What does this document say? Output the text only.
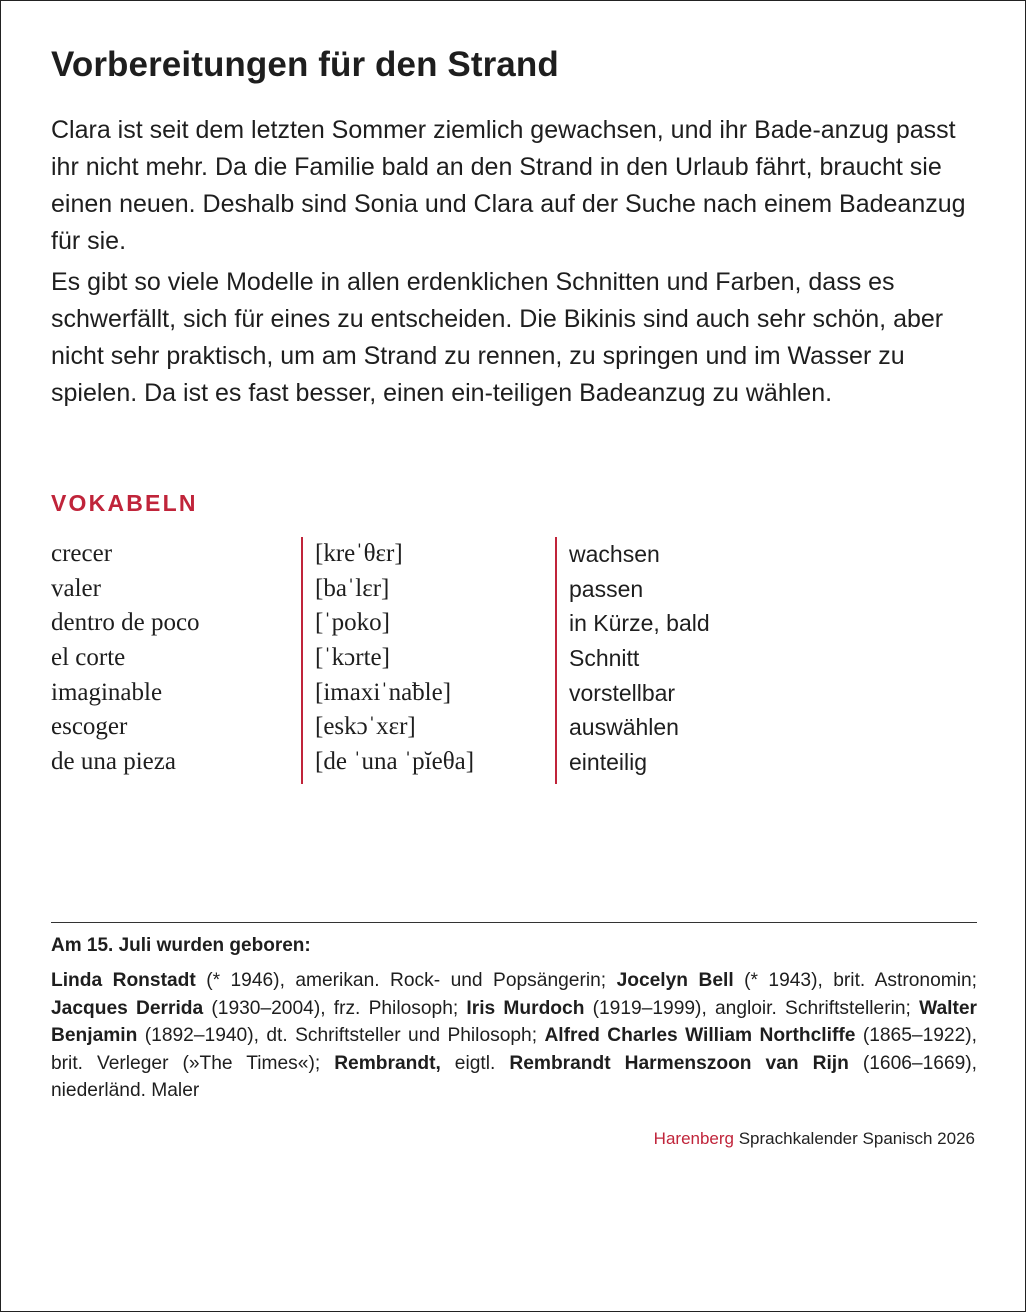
Vorbereitungen für den Strand

Clara ist seit dem letzten Sommer ziemlich gewachsen, und ihr Bade-anzug passt ihr nicht mehr. Da die Familie bald an den Strand in den Urlaub fährt, braucht sie einen neuen. Deshalb sind Sonia und Clara auf der Suche nach einem Badeanzug für sie.

Es gibt so viele Modelle in allen erdenklichen Schnitten und Farben, dass es schwerfällt, sich für eines zu entscheiden. Die Bikinis sind auch sehr schön, aber nicht sehr praktisch, um am Strand zu rennen, zu springen und im Wasser zu spielen. Da ist es fast besser, einen ein-teiligen Badeanzug zu wählen.

VOKABELN
crecer
valer
dentro de poco
el corte
imaginable
escoger
de una pieza
[kreˈθɛr]
[baˈlɛr]
[ˈpoko]
[ˈkɔrte]
[imaxiˈnaƀle]
[eskɔˈxɛr]
[de ˈuna ˈpĭeθa]
wachsen
passen
in Kürze, bald
Schnitt
vorstellbar
auswählen
einteilig
Am 15. Juli wurden geboren:
Linda Ronstadt (* 1946), amerikan. Rock- und Popsängerin; Jocelyn Bell (* 1943), brit. Astronomin; Jacques Derrida (1930–2004), frz. Philosoph; Iris Murdoch (1919–1999), angloir. Schriftstellerin; Walter Benjamin (1892–1940), dt. Schriftsteller und Philosoph; Alfred Charles William Northcliffe (1865–1922), brit. Verleger (»The Times«); Rembrandt, eigtl. Rembrandt Harmenszoon van Rijn (1606–1669), niederländ. Maler
Harenberg Sprachkalender Spanisch 2026
